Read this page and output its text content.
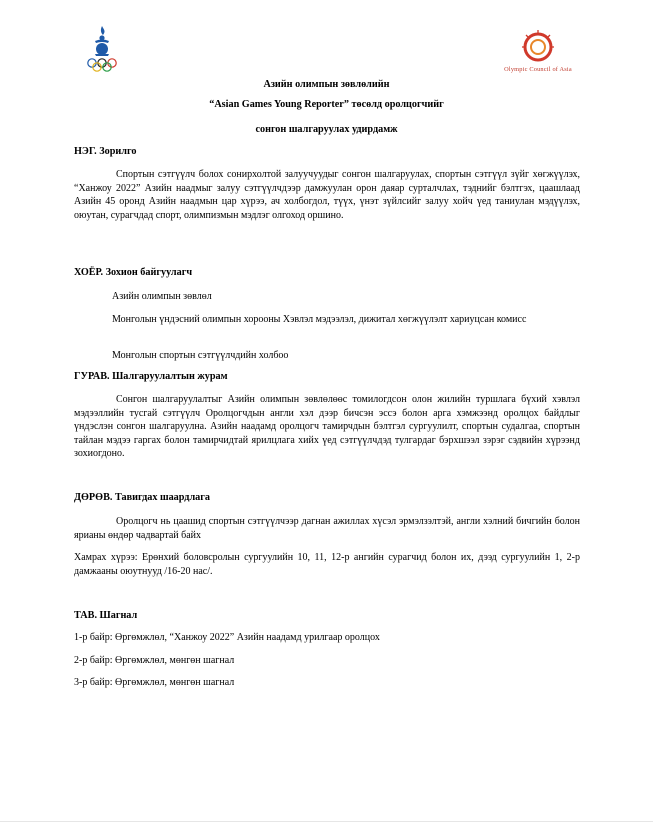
Olympic Council of Asia
Азийн олимпын зөвлөлийн
“Asian Games Young Reporter” төсөлд оролцогчийг
сонгон шалгаруулах удирдамж
НЭГ. Зорилго
Спортын сэтгүүлч болох сонирхолтой залуучуудыг сонгон шалгаруулах, спортын сэтгүүл зүйг хөгжүүлэх, “Ханжоу 2022” Азийн наадмыг залуу сэтгүүлчдээр дамжуулан орон даяар сурталчлах, тэднийг бэлтгэх, цаашлаад Азийн 45 оронд Азийн наадмын цар хүрээ, ач холбогдол, түүх, үнэт зүйлсийг залуу хойч үед таниулан мэдүүлэх, оюутан, сурагчдад спорт, олимпизмын мэдлэг олгоход оршино.
ХОЁР. Зохион байгуулагч
Азийн олимпын зөвлөл
Монголын үндэсний олимпын хорооны Хэвлэл мэдээлэл, дижитал хөгжүүлэлт хариуцсан комисс
Монголын спортын сэтгүүлчдийн холбоо
ГУРАВ. Шалгаруулалтын журам
Сонгон шалгаруулалтыг Азийн олимпын зөвлөлөөс томилогдсон олон жилийн туршлага бүхий хэвлэл мэдээллийн тусгай сэтгүүлч Оролцогчдын англи хэл дээр бичсэн эссэ болон арга хэмжээнд оролцох байдлыг үндэслэн сонгон шалгаруулна. Азийн наадамд оролцогч тамирчдын бэлтгэл сургуулилт, спортын судалгаа, спортын тайлан мэдээ гаргах болон тамирчидтай ярилцлага хийх үед сэтгүүлчдэд тулгардаг бэрхшээл зэрэг сэдвийн хүрээнд зохиогдоно.
ДӨРӨВ. Тавигдах шаардлага
Оролцогч нь цаашид спортын сэтгүүлчээр дагнан ажиллах хүсэл эрмэлзэлтэй, англи хэлний бичгийн болон ярианы өндөр чадвартай байх
Хамрах хүрээ: Ерөнхий боловсролын сургуулийн 10, 11, 12-р ангийн сурагчид болон их, дээд сургуулийн 1, 2-р дамжааны оюутнууд /16-20 нас/.
ТАВ. Шагнал
1-р байр: Өргөмжлөл, “Ханжоу 2022” Азийн наадамд урилгаар оролцох
2-р байр: Өргөмжлөл, мөнгөн шагнал
3-р байр: Өргөмжлөл, мөнгөн шагнал
